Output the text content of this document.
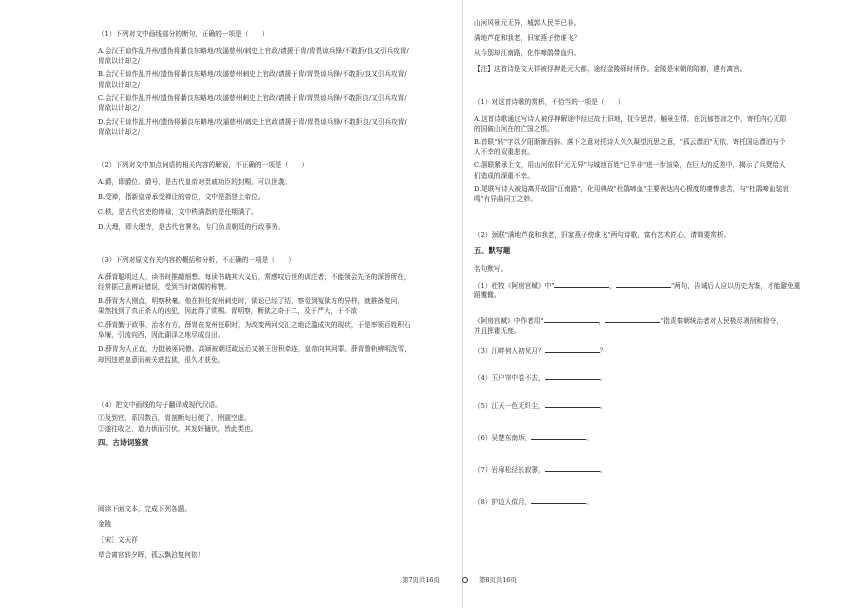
（1）下列对文中画线部分的断句，正确的一项是（　　）
A.会汉王谅作乱并州/遗伪将綦良东略地/攻逼慈州/刺史上官政/请援于胄/胄畏谅兵锋/不敢拒/良又引兵攻胄/
胄欲以计却之/
B.会汉王谅作乱并州/遗伪将綦良东略地/攻逼慈州刺史上官政/请援于胄/胄畏谅兵锋/不敢拒/良又引兵攻胄/
胄欲以计却之/
C.会汉王谅作乱并州/遗伪将綦良东略地/攻逼慈州刺史上官政/请援于胄/胄畏谅兵锋/不敢拒良/又引兵攻胄/
胄欲以计却之/
D.会汉王谅作乱并州/遗伪将綦良东略地/攻逼慈州/刺史上官政请援于胄/胄畏谅兵锋/不敢拒良/又引兵攻胄/
胄欲以计却之/
（2）下列对文中加点词语的相关内容的解说，不正确的一项是（　　）
A.爵，即爵位、爵号，是古代皇帝对贵戚功臣的封赐，可以世袭。
B.受禅，指新皇帝承受禅让的帝位，文中是指登上帝位。
C.秩，是古代官吏的俸禄，文中秩满指的是任期满了。
D.大理，即大理寺，是古代官署名，专门负责朝廷的行政事务。
（3）下列对原文有关内容的概括和分析，不正确的一项是（　　）
A.薛胄聪明过人，读书时推敲细想。每读书晓其大义后，常感叹后世的训注者，不能领会先圣的深旨所在，
经常据己意辨证错误，受到当时诸儒的称赞。
B.薛胄为人刚直，明察秋毫。他在担任兖州刺史时，狱讼已经了结，察觉到冤狱方的异样，就推备复问，
果然找到了真正杀人的凶犯，因此得了赏赐。胄明察，断狱之奇于二，及于严大，于不欲
C.薛胄勤于政事，治水有方。薛胄在兖州任职时，为改变两河交汇之地泛滥成灾的现状，于是率领百姓积石
阜堰，引流向西，因此湖泽之地尽成良田。
D.薛胄为人正直，力挺被诬同僚。高颎被朝廷疏远后又被王世积牵连，皇帝向其问罪。薛胄鲁轨辨明洗雪，
却因违逆皇意而被关进监狱，很久才获免。
（4）把文中画线的句子翻译成现代汉语。
①及到官，系囚数百，胄剖断旬日便了，囹圄空虚。
②遂往收之，道力供而引伏，其发奸擿伏，皆此类也。
四、古诗词鉴赏
阅读下面文本，完成下列各题。
金陵
［宋］文天祥
草合离宫转夕晖，孤云飘泊复何依！
山河风景元无异，城郭人民半已非。
满地芦花和我老，旧家燕子傍谁飞？
从今别却江南路，化作啼鹃带血归。
【注】这首诗是文天祥被俘押赴元大都，途经金陵驿时所作。金陵是宋朝的陪都，建有离宫。
（1）对这首诗歌的赏析，不恰当的一项是（　　）
A.这首诗歌通过写诗人被俘押解途中经过故土旧地，抚今思昔，触景生情，在沉郁苍凉之中，寄托内心无限
的国破山河在的亡国之恨。
B.首联"转"字以夕阳渐渐西斜、落下之意对托诗人久久凝望沉思之意，"孤云漂泊"无依，寄托国运漂泊与个
人不幸的双重悲哀。
C.颔联紧承上文，用山河依旧"元无异"与城池百姓"已半非"进一步渲染，在巨大的反差中，揭示了兵燹给人
们造成的深重不幸。
D.尾联写诗人被迫离开故国"江南路"，化用典故"杜鹃啼血"主要表达内心极度的凄惨悲苦，与"杜鹃啼血装哀
鸣"有异曲同工之妙。
（2）颈联"满地芦花和我老，旧家燕子傍谁飞"两句诗歌，富有艺术匠心，请简要赏析。
五、默写题
名句默写。
（1）杜牧《阿房宫赋》中"	，	"两句，告诫后人应以历史为鉴，才能避免重
蹈覆辙。
《阿房宫赋》中作者用"	，	"指责秦朝统治者对人民极尽剥削和掠夺，
并且挥霍无度。
（3）江畔何人初见月？	？
（4）玉户帘中卷不去，	。
（5）江天一色无纤尘，	。
（6）吴楚东南坼，	。
（7）岩扉松径长寂寥，	。
（8）护边人似月，	。
第7页共16页	第8页共16页
